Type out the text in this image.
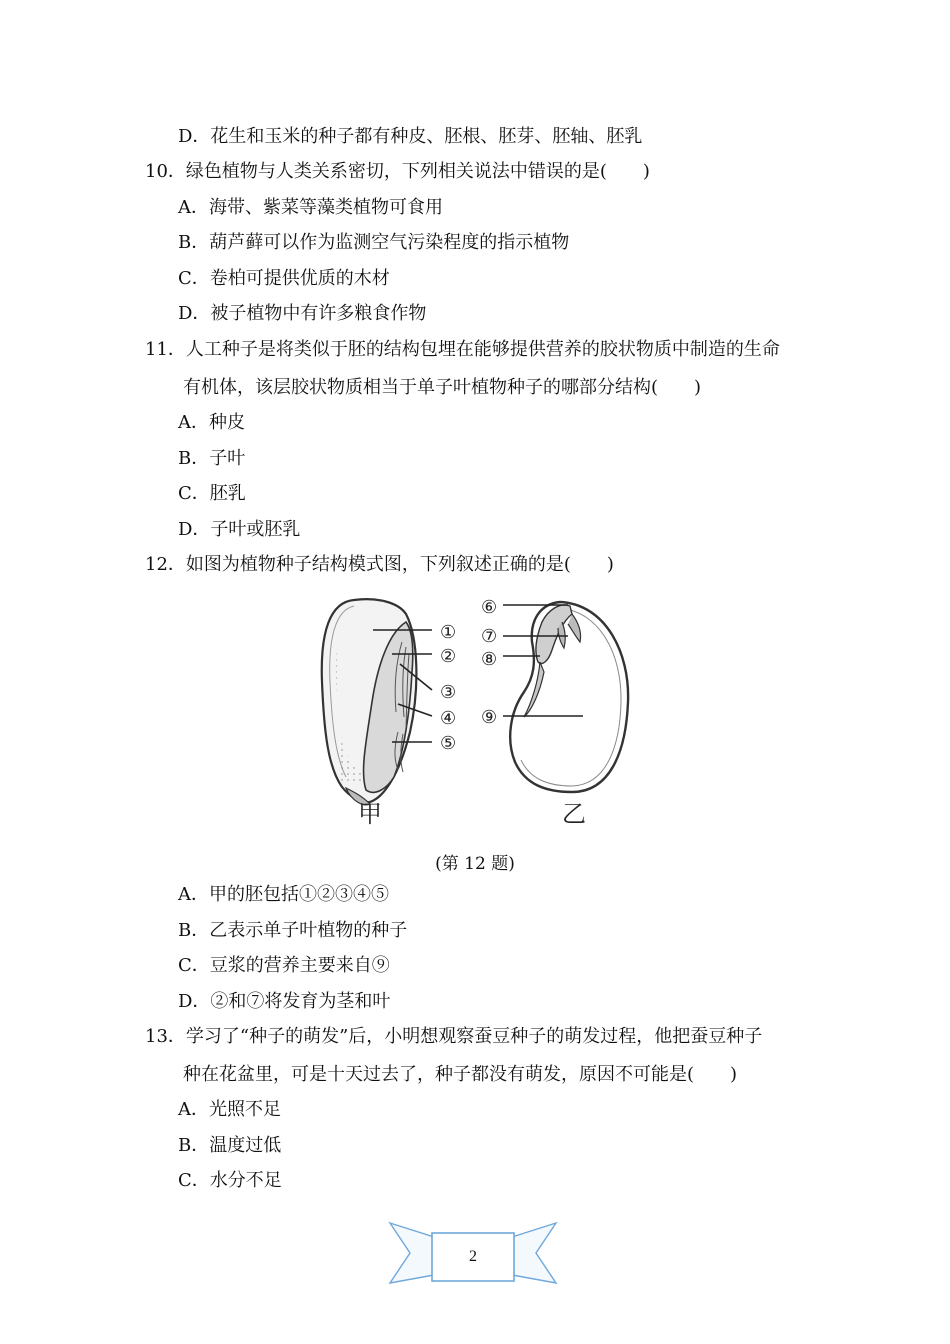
D．花生和玉米的种子都有种皮、胚根、胚芽、胚轴、胚乳
10．绿色植物与人类关系密切，下列相关说法中错误的是(　　)
A．海带、紫菜等藻类植物可食用
B．葫芦藓可以作为监测空气污染程度的指示植物
C．卷柏可提供优质的木材
D．被子植物中有许多粮食作物
11．人工种子是将类似于胚的结构包埋在能够提供营养的胶状物质中制造的生命
有机体，该层胶状物质相当于单子叶植物种子的哪部分结构(　　)
A．种皮
B．子叶
C．胚乳
D．子叶或胚乳
12．如图为植物种子结构模式图，下列叙述正确的是(　　)
①
②
③
④
⑤
甲
⑥
⑦
⑧
⑨
乙
(第 12 题)
A．甲的胚包括①②③④⑤
B．乙表示单子叶植物的种子
C．豆浆的营养主要来自⑨
D．②和⑦将发育为茎和叶
13．学习了“种子的萌发”后，小明想观察蚕豆种子的萌发过程，他把蚕豆种子
种在花盆里，可是十天过去了，种子都没有萌发，原因不可能是(　　)
A．光照不足
B．温度过低
C．水分不足
2
